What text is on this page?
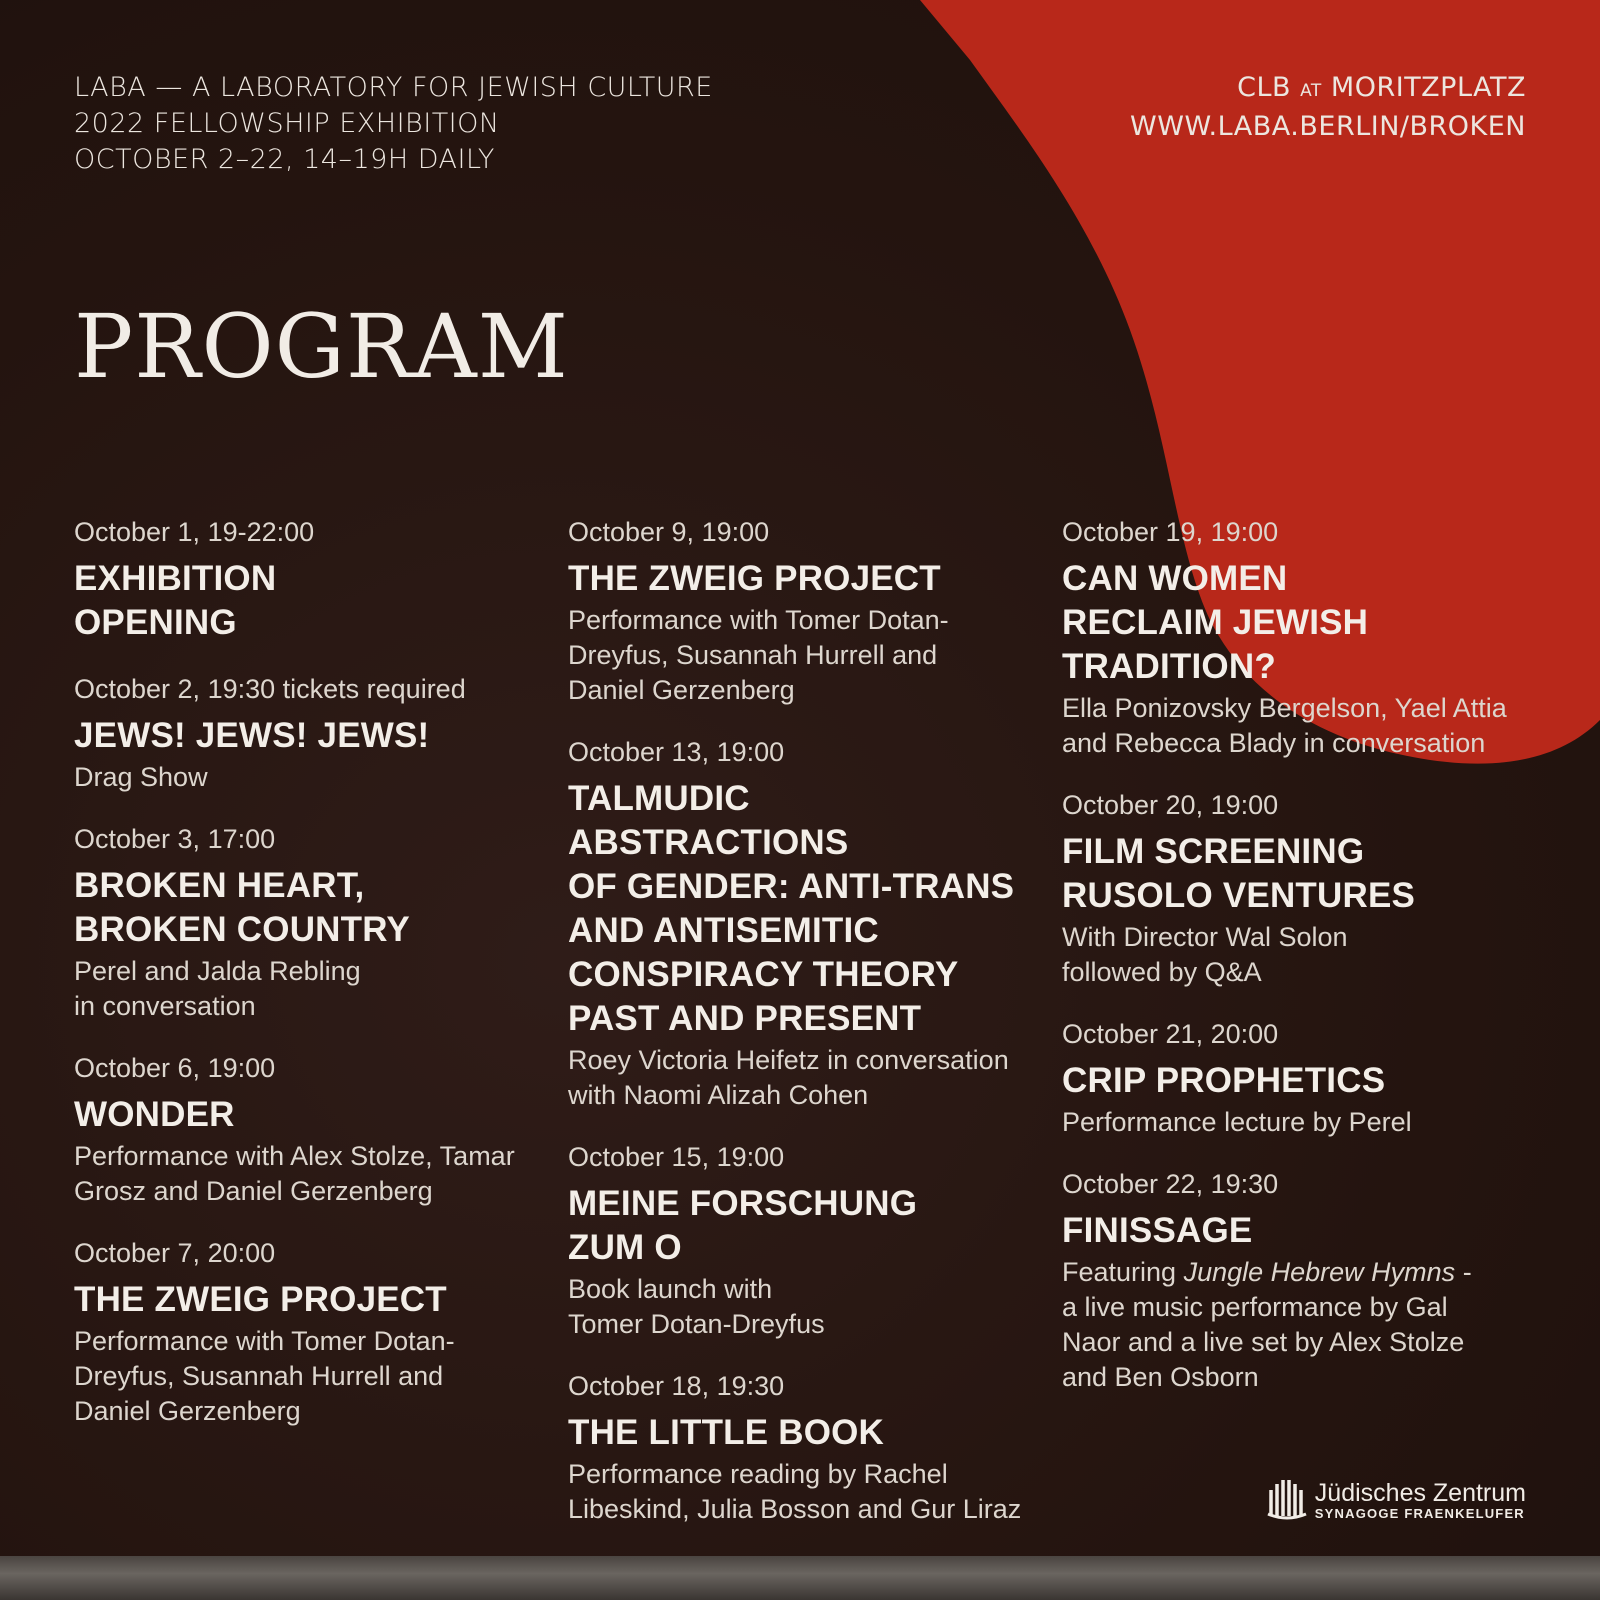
LABA — A LABORATORY FOR JEWISH CULTURE
2022 FELLOWSHIP EXHIBITION
OCTOBER 2–22, 14–19H DAILY
CLB AT MORITZPLATZ
WWW.LABA.BERLIN/BROKEN
PROGRAM
October 1, 19-22:00
EXHIBITION
OPENING
October 2, 19:30 tickets required
JEWS! JEWS! JEWS!
Drag Show
October 3, 17:00
BROKEN HEART,
BROKEN COUNTRY
Perel and Jalda Rebling
in conversation
October 6, 19:00
WONDER
Performance with Alex Stolze, Tamar
Grosz and Daniel Gerzenberg
October 7, 20:00
THE ZWEIG PROJECT
Performance with Tomer Dotan-
Dreyfus, Susannah Hurrell and
Daniel Gerzenberg
October 9, 19:00
THE ZWEIG PROJECT
Performance with Tomer Dotan-
Dreyfus, Susannah Hurrell and
Daniel Gerzenberg
October 13, 19:00
TALMUDIC ABSTRACTIONS
OF GENDER: ANTI-TRANS
AND ANTISEMITIC
CONSPIRACY THEORY
PAST AND PRESENT
Roey Victoria Heifetz in conversation
with Naomi Alizah Cohen
October 15, 19:00
MEINE FORSCHUNG
ZUM O
Book launch with
Tomer Dotan-Dreyfus
October 18, 19:30
THE LITTLE BOOK
Performance reading by Rachel
Libeskind, Julia Bosson and Gur Liraz
October 19, 19:00
CAN WOMEN
RECLAIM JEWISH
TRADITION?
Ella Ponizovsky Bergelson, Yael Attia
and Rebecca Blady in conversation
October 20, 19:00
FILM SCREENING
RUSOLO VENTURES
With Director Wal Solon
followed by Q&A
October 21, 20:00
CRIP PROPHETICS
Performance lecture by Perel
October 22, 19:30
FINISSAGE
Featuring Jungle Hebrew Hymns -
a live music performance by Gal
Naor and a live set by Alex Stolze
and Ben Osborn
Jüdisches Zentrum
SYNAGOGE FRAENKELUFER
